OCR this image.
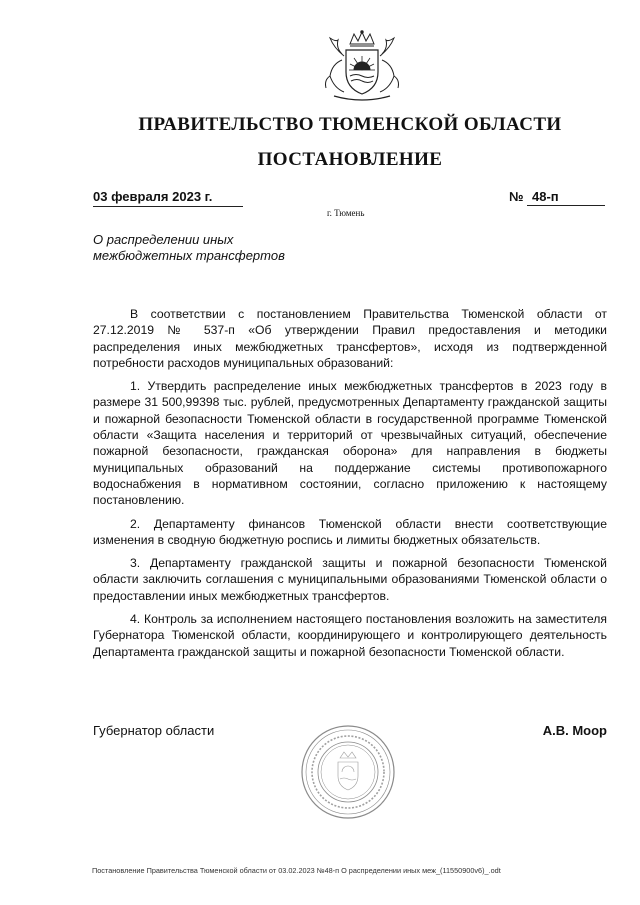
ПРАВИТЕЛЬСТВО ТЮМЕНСКОЙ ОБЛАСТИ
ПОСТАНОВЛЕНИЕ
03 февраля 2023 г.	№ 48-п
г. Тюмень
О распределении иных
межбюджетных трансфертов

В соответствии с постановлением Правительства Тюменской области от 27.12.2019 № 537-п «Об утверждении Правил предоставления и методики распределения иных межбюджетных трансфертов», исходя из подтвержденной потребности расходов муниципальных образований:

1. Утвердить распределение иных межбюджетных трансфертов в 2023 году в размере 31 500,99398 тыс. рублей, предусмотренных Департаменту гражданской защиты и пожарной безопасности Тюменской области в государственной программе Тюменской области «Защита населения и территорий от чрезвычайных ситуаций, обеспечение пожарной безопасности, гражданская оборона» для направления в бюджеты муниципальных образований на поддержание системы противопожарного водоснабжения в нормативном состоянии, согласно приложению к настоящему постановлению.

2. Департаменту финансов Тюменской области внести соответствующие изменения в сводную бюджетную роспись и лимиты бюджетных обязательств.

3. Департаменту гражданской защиты и пожарной безопасности Тюменской области заключить соглашения с муниципальными образованиями Тюменской области о предоставлении иных межбюджетных трансфертов.

4. Контроль за исполнением настоящего постановления возложить на заместителя Губернатора Тюменской области, координирующего и контролирующего деятельность Департамента гражданской защиты и пожарной безопасности Тюменской области.

Губернатор области	А.В. Моор
Постановление Правительства Тюменской области от 03.02.2023 №48-п О распределении иных меж_(11550900v6)_.odt
